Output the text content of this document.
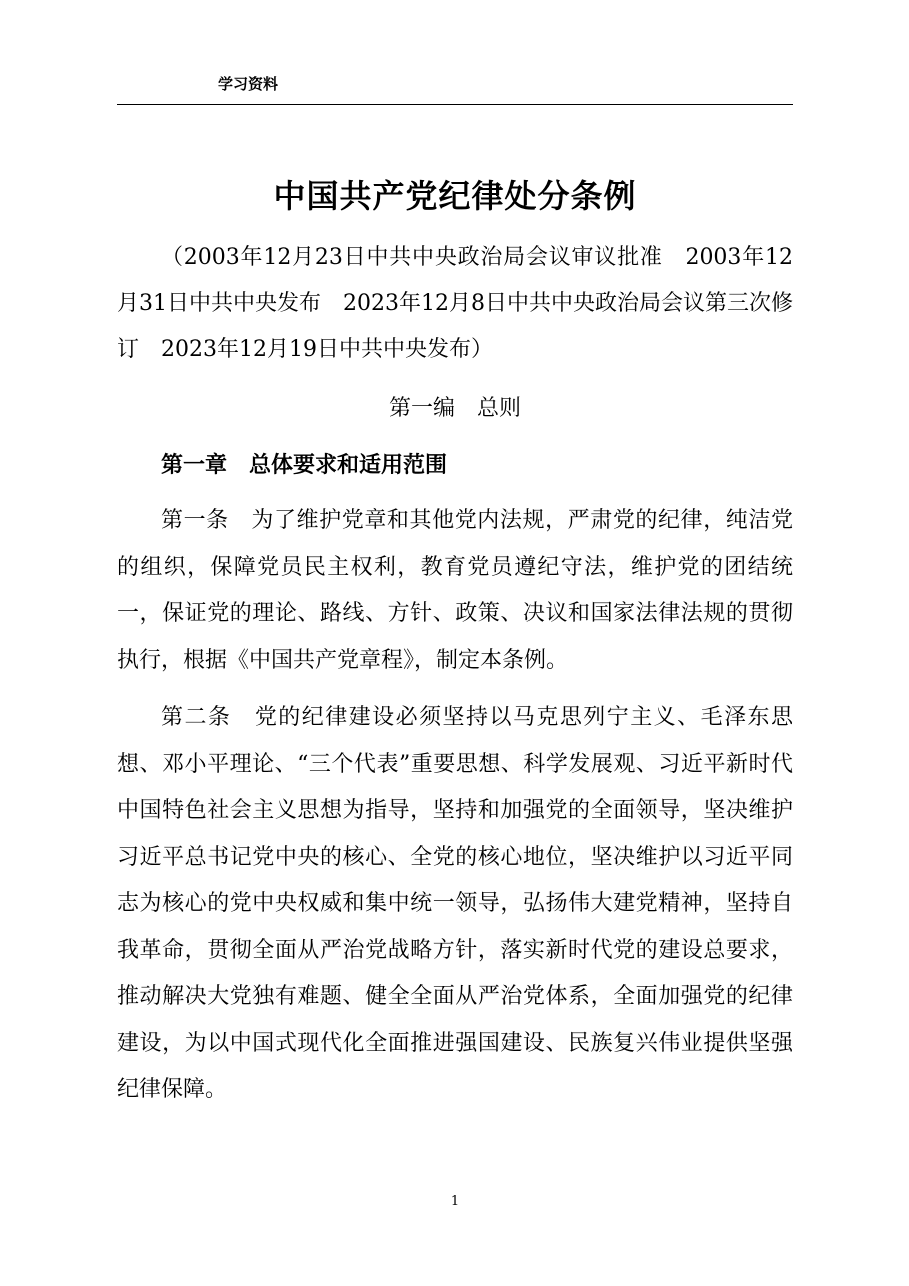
学习资料
中国共产党纪律处分条例

（2003年12月23日中共中央政治局会议审议批准　2003年12月31日中共中央发布　2023年12月8日中共中央政治局会议第三次修订　2023年12月19日中共中央发布）

第一编　总则
第一章　总体要求和适用范围

第一条　为了维护党章和其他党内法规，严肃党的纪律，纯洁党的组织，保障党员民主权利，教育党员遵纪守法，维护党的团结统一，保证党的理论、路线、方针、政策、决议和国家法律法规的贯彻执行，根据《中国共产党章程》，制定本条例。

第二条　党的纪律建设必须坚持以马克思列宁主义、毛泽东思想、邓小平理论、“三个代表”重要思想、科学发展观、习近平新时代中国特色社会主义思想为指导，坚持和加强党的全面领导，坚决维护习近平总书记党中央的核心、全党的核心地位，坚决维护以习近平同志为核心的党中央权威和集中统一领导，弘扬伟大建党精神，坚持自我革命，贯彻全面从严治党战略方针，落实新时代党的建设总要求，推动解决大党独有难题、健全全面从严治党体系，全面加强党的纪律建设，为以中国式现代化全面推进强国建设、民族复兴伟业提供坚强纪律保障。

1
